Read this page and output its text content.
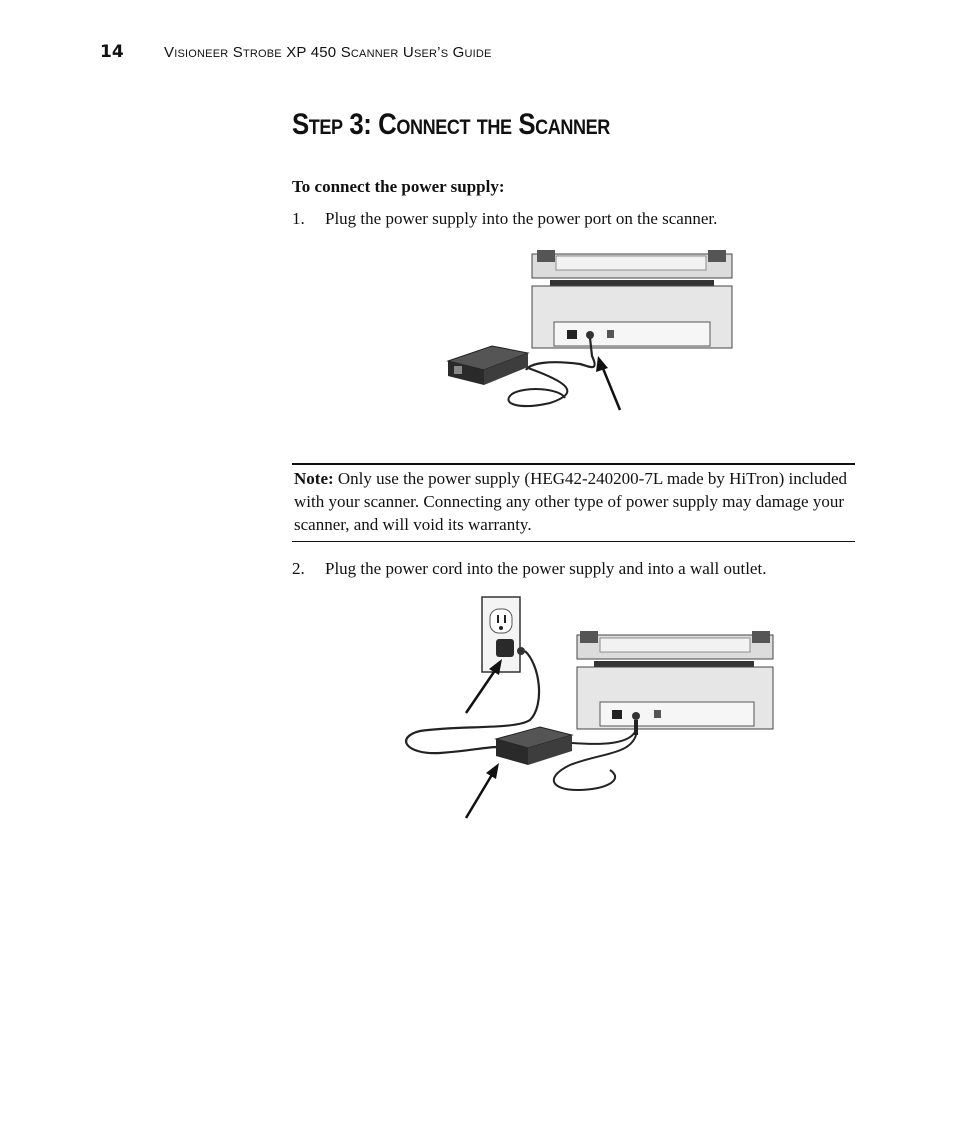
14	Visioneer Strobe XP 450 Scanner User’s Guide
Step 3: Connect the Scanner
To connect the power supply:
1.	Plug the power supply into the power port on the scanner.
Note: Only use the power supply (HEG42-240200-7L made by HiTron) included with your scanner. Connecting any other type of power supply may damage your scanner, and will void its warranty.
2.	Plug the power cord into the power supply and into a wall outlet.
